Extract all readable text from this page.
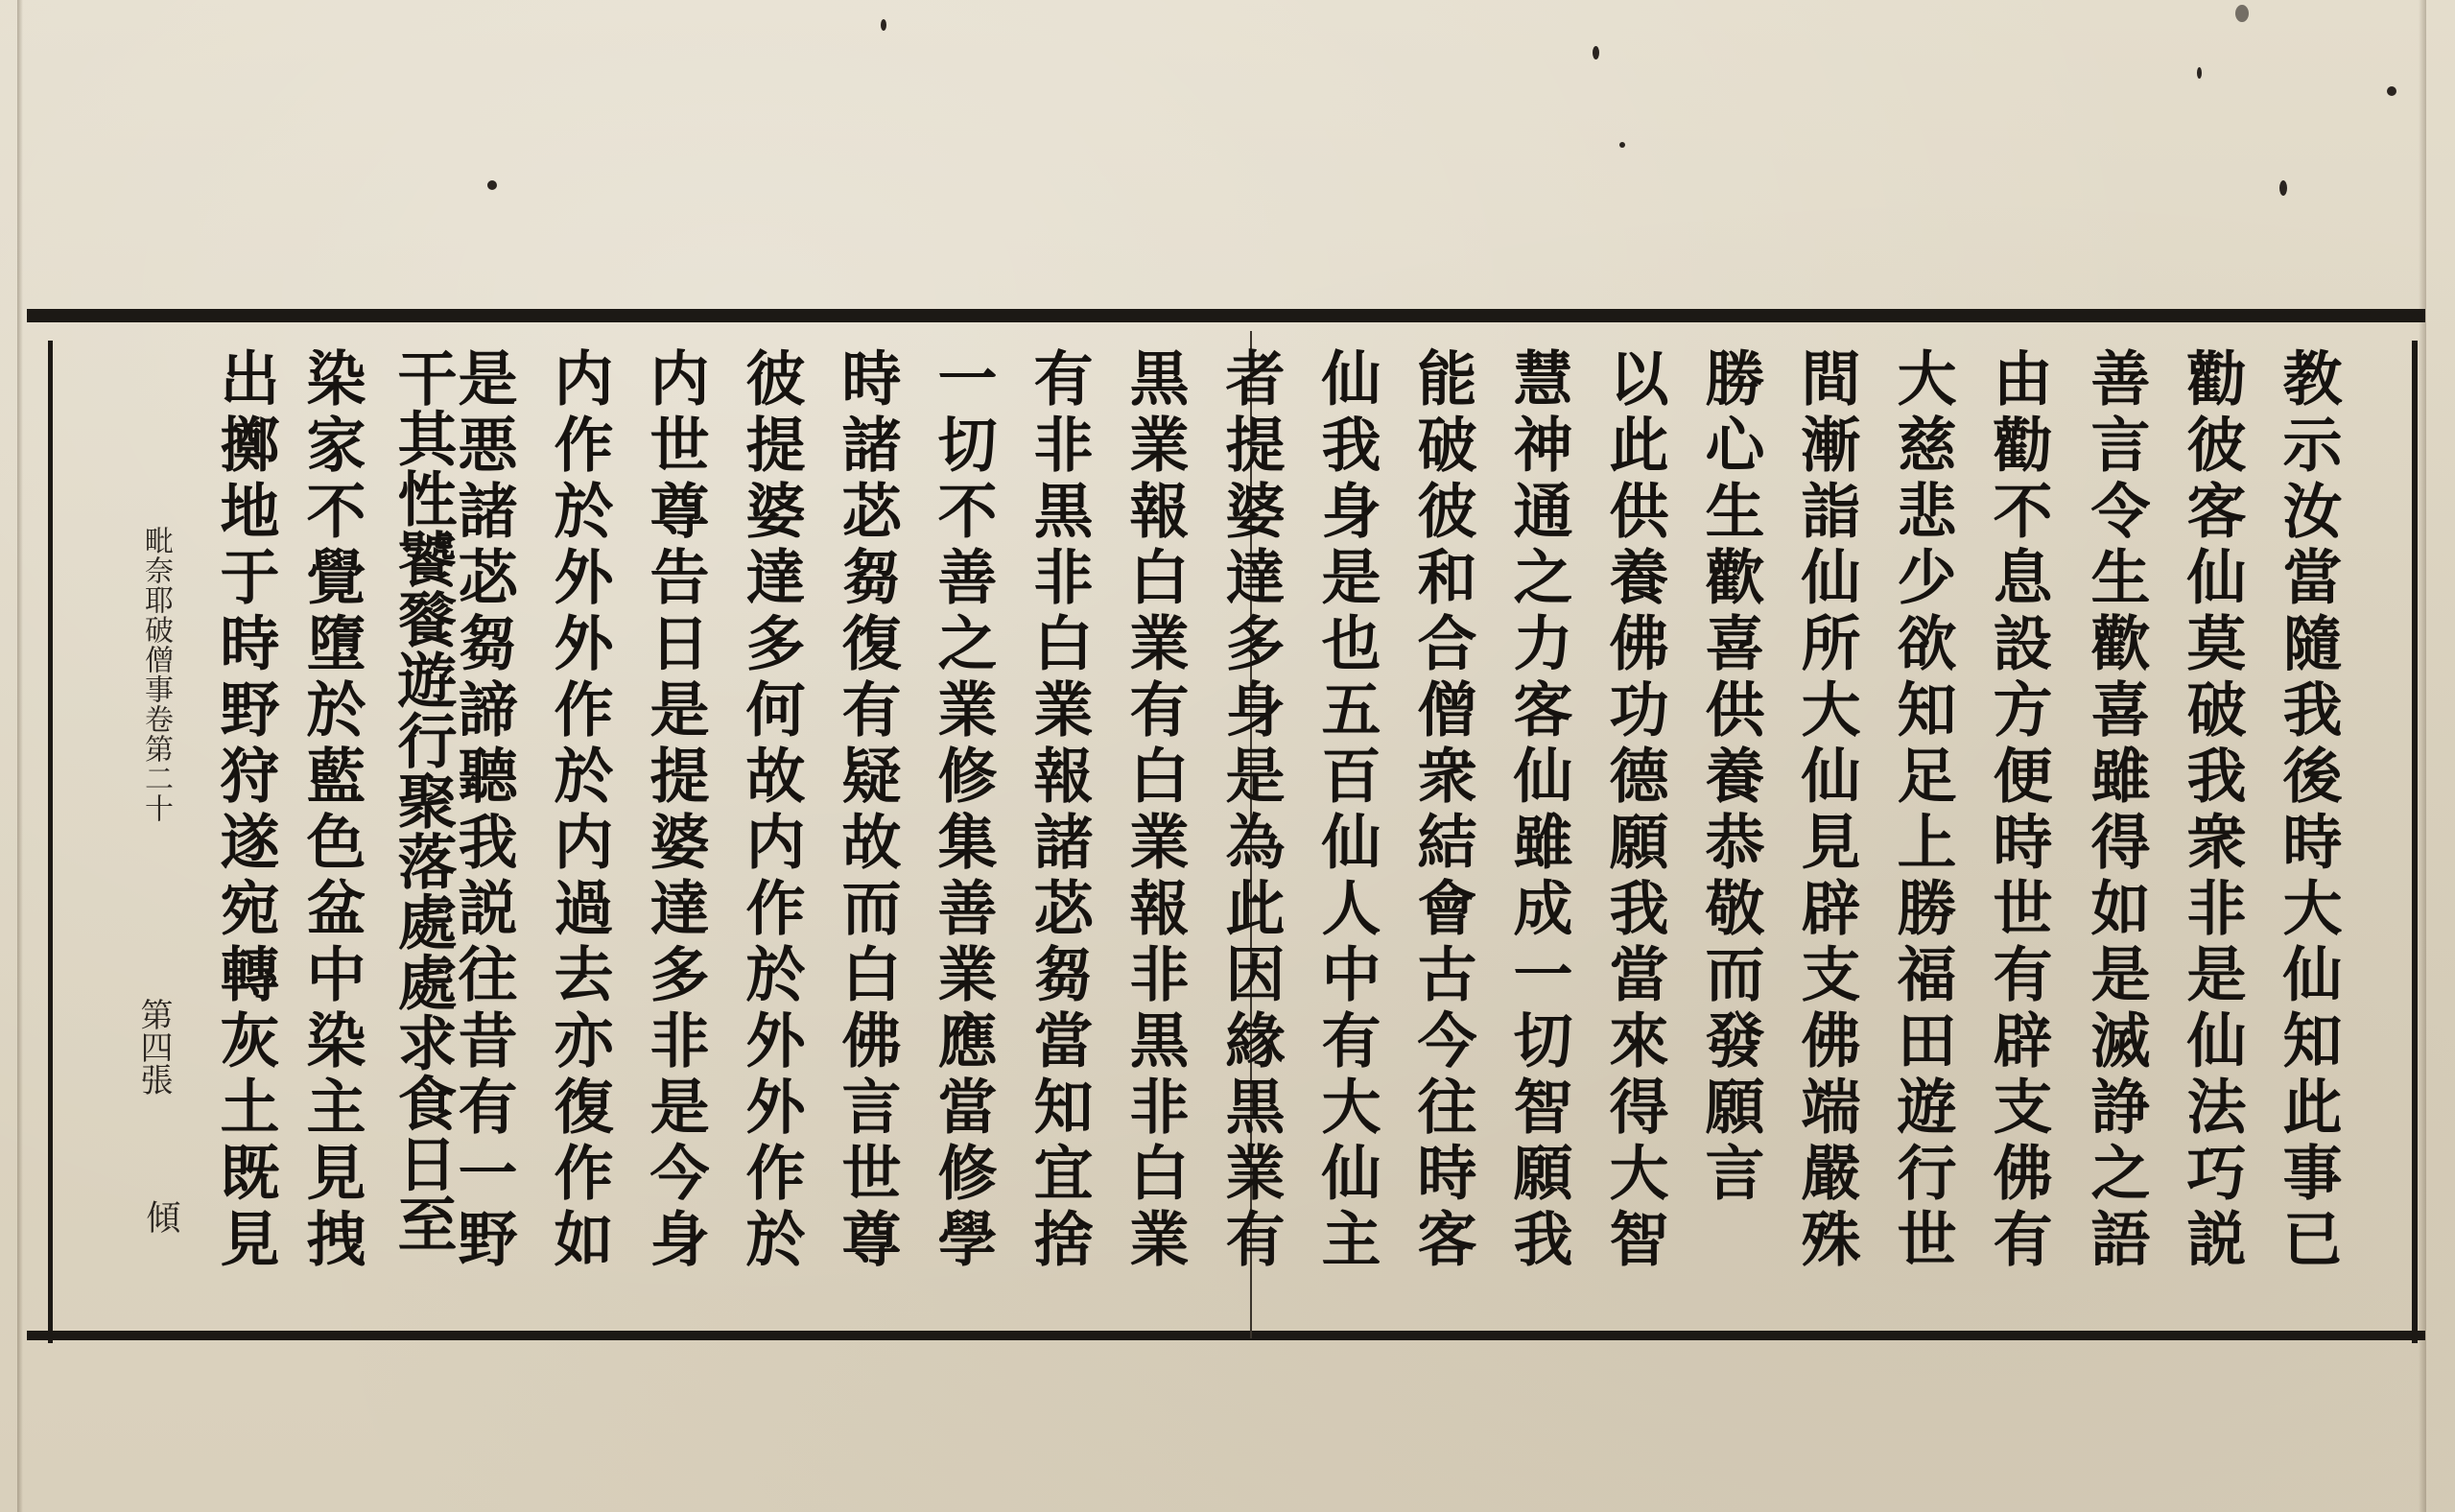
教示汝當隨我後時大仙知此事已
勸彼客仙莫破我衆非是仙法巧説
善言令生歡喜雖得如是滅諍之語
由勸不息設方便時世有辟支佛有
大慈悲少欲知足上勝福田遊行世
間漸詣仙所大仙見辟支佛端嚴殊
勝心生歡喜供養恭敬而發願言
以此供養佛功德願我當來得大智
慧神通之力客仙雖成一切智願我
能破彼和合僧衆結會古今往時客
仙我身是也五百仙人中有大仙主
者提婆達多身是為此因緣黒業有
黒業報白業有白業報非黒非白業
有非黒非白業報諸苾芻當知宜捨
一切不善之業修集善業應當修學
時諸苾芻復有疑故而白佛言世尊
彼提婆達多何故内作於外外作於
内世尊告日是提婆達多非是今身
内作於外外作於内過去亦復作如
是悪諸苾芻諦聽我説往昔有一野
干其性饕餮遊行聚落處處求食日至
染家不覺墮於藍色盆中染主見拽
出擲地于時野狩遂宛轉灰土既見
毗奈耶破僧事卷第二十
第四張
傾
